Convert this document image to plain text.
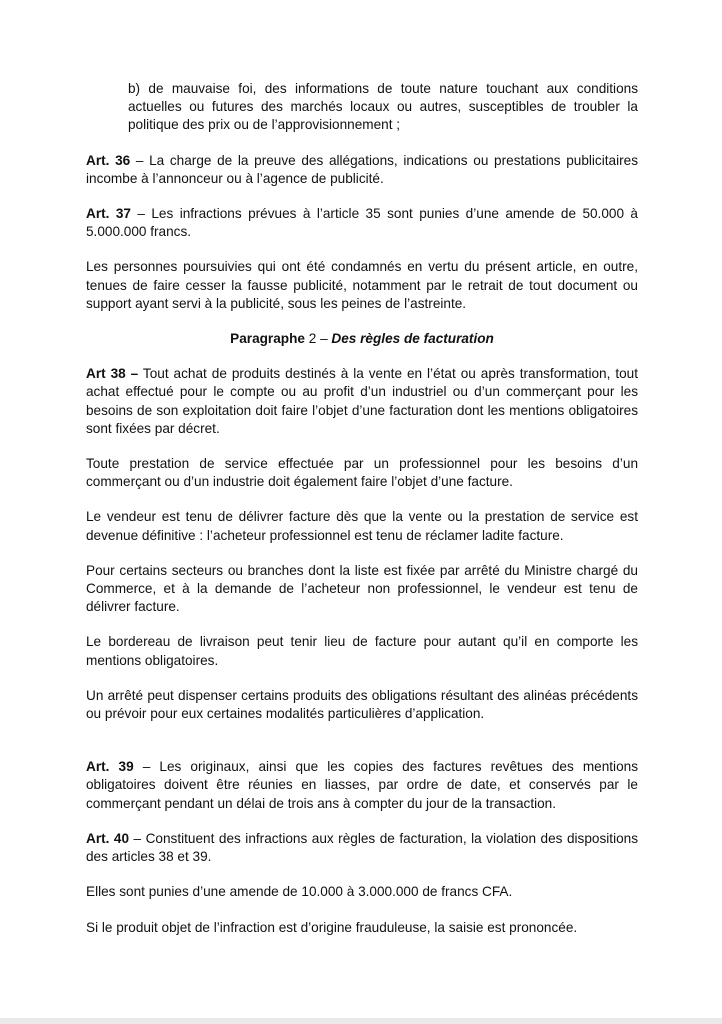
b) de mauvaise foi, des informations de toute nature touchant aux conditions actuelles ou futures des marchés locaux ou autres, susceptibles de troubler la politique des prix ou de l’approvisionnement ;

Art. 36 – La charge de la preuve des allégations, indications ou prestations publicitaires incombe à l’annonceur ou à l’agence de publicité.

Art. 37 – Les infractions prévues à l’article 35 sont punies d’une amende de 50.000 à 5.000.000 francs.

Les personnes poursuivies qui ont été condamnés en vertu du présent article, en outre, tenues de faire cesser la fausse publicité, notamment par le retrait de tout document ou support ayant servi à la publicité, sous les peines de l’astreinte.

Paragraphe 2 – Des règles de facturation

Art 38 – Tout achat de produits destinés à la vente en l’état ou après transformation, tout achat effectué pour le compte ou au profit d’un industriel ou d’un commerçant pour les besoins de son exploitation doit faire l’objet d’une facturation dont les mentions obligatoires sont fixées par décret.

Toute prestation de service effectuée par un professionnel pour les besoins d’un commerçant ou d’un industrie doit également faire l’objet d’une facture.

Le vendeur est tenu de délivrer facture dès que la vente ou la prestation de service est devenue définitive : l’acheteur professionnel est tenu de réclamer ladite facture.

Pour certains secteurs ou branches dont la liste est fixée par arrêté du Ministre chargé du Commerce, et à la demande de l’acheteur non professionnel, le vendeur est tenu de délivrer facture.

Le bordereau de livraison peut tenir lieu de facture pour autant qu’il en comporte les mentions obligatoires.

Un arrêté peut dispenser certains produits des obligations résultant des alinéas précédents ou prévoir pour eux certaines modalités particulières d’application.

Art. 39 – Les originaux, ainsi que les copies des factures revêtues des mentions obligatoires doivent être réunies en liasses, par ordre de date, et conservés par le commerçant pendant un délai de trois ans à compter du jour de la transaction.

Art. 40 – Constituent des infractions aux règles de facturation, la violation des dispositions des articles 38 et 39.

Elles sont punies d’une amende de 10.000 à 3.000.000 de francs CFA.

Si le produit objet de l’infraction est d’origine frauduleuse, la saisie est prononcée.
